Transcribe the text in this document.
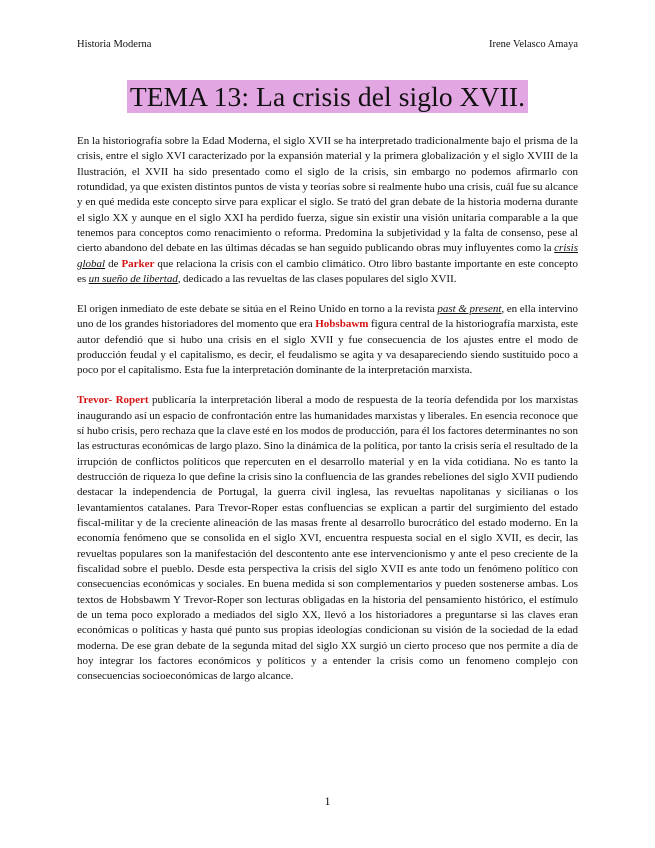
Historia Moderna	Irene Velasco Amaya
TEMA 13: La crisis del siglo XVII.

En la historiografía sobre la Edad Moderna, el siglo XVII se ha interpretado tradicionalmente bajo el prisma de la crisis, entre el siglo XVI caracterizado por la expansión material y la primera globalización y el siglo XVIII de la Ilustración, el XVII ha sido presentado como el siglo de la crisis, sin embargo no podemos afirmarlo con rotundidad, ya que existen distintos puntos de vista y teorías sobre si realmente hubo una crisis, cuál fue su alcance y en qué medida este concepto sirve para explicar el siglo. Se trató del gran debate de la historia moderna durante el siglo XX y aunque en el siglo XXI ha perdido fuerza, sigue sin existir una visión unitaria comparable a la que tenemos para conceptos como renacimiento o reforma. Predomina la subjetividad y la falta de consenso, pese al cierto abandono del debate en las últimas décadas se han seguido publicando obras muy influyentes como la crisis global de Parker que relaciona la crisis con el cambio climático. Otro libro bastante importante en este concepto es un sueño de libertad, dedicado a las revueltas de las clases populares del siglo XVII.

El origen inmediato de este debate se sitúa en el Reino Unido en torno a la revista past & present, en ella intervino uno de los grandes historiadores del momento que era Hobsbawm figura central de la historiografía marxista, este autor defendió que si hubo una crisis en el siglo XVII y fue consecuencia de los ajustes entre el modo de producción feudal y el capitalismo, es decir, el feudalismo se agita y va desapareciendo siendo sustituido poco a poco por el capitalismo. Esta fue la interpretación dominante de la interpretación marxista.

Trevor- Ropert publicaría la interpretación liberal a modo de respuesta de la teoría defendida por los marxistas inaugurando así un espacio de confrontación entre las humanidades marxistas y liberales. En esencia reconoce que sí hubo crisis, pero rechaza que la clave esté en los modos de producción, para él los factores determinantes no son las estructuras económicas de largo plazo. Sino la dinámica de la política, por tanto la crisis sería el resultado de la irrupción de conflictos políticos que repercuten en el desarrollo material y en la vida cotidiana. No es tanto la destrucción de riqueza lo que define la crisis sino la confluencia de las grandes rebeliones del siglo XVII pudiendo destacar la independencia de Portugal, la guerra civil inglesa, las revueltas napolitanas y sicilianas o los levantamientos catalanes. Para Trevor-Roper estas confluencias se explican a partir del surgimiento del estado fiscal-militar y de la creciente alineación de las masas frente al desarrollo burocrático del estado moderno. En la economía fenómeno que se consolida en el siglo XVI, encuentra respuesta social en el siglo XVII, es decir, las revueltas populares son la manifestación del descontento ante ese intervencionismo y ante el peso creciente de la fiscalidad sobre el pueblo. Desde esta perspectiva la crisis del siglo XVII es ante todo un fenómeno político con consecuencias económicas y sociales. En buena medida si son complementarios y pueden sostenerse ambas. Los textos de Hobsbawm Y Trevor-Roper son lecturas obligadas en la historia del pensamiento histórico, el estímulo de un tema poco explorado a mediados del siglo XX, llevó a los historiadores a preguntarse si las claves eran económicas o políticas y hasta qué punto sus propias ideologías condicionan su visión de la sociedad de la edad moderna. De ese gran debate de la segunda mitad del siglo XX surgió un cierto proceso que nos permite a día de hoy integrar los factores económicos y políticos y a entender la crisis como un fenomeno complejo con consecuencias socioeconómicas de largo alcance.

1
